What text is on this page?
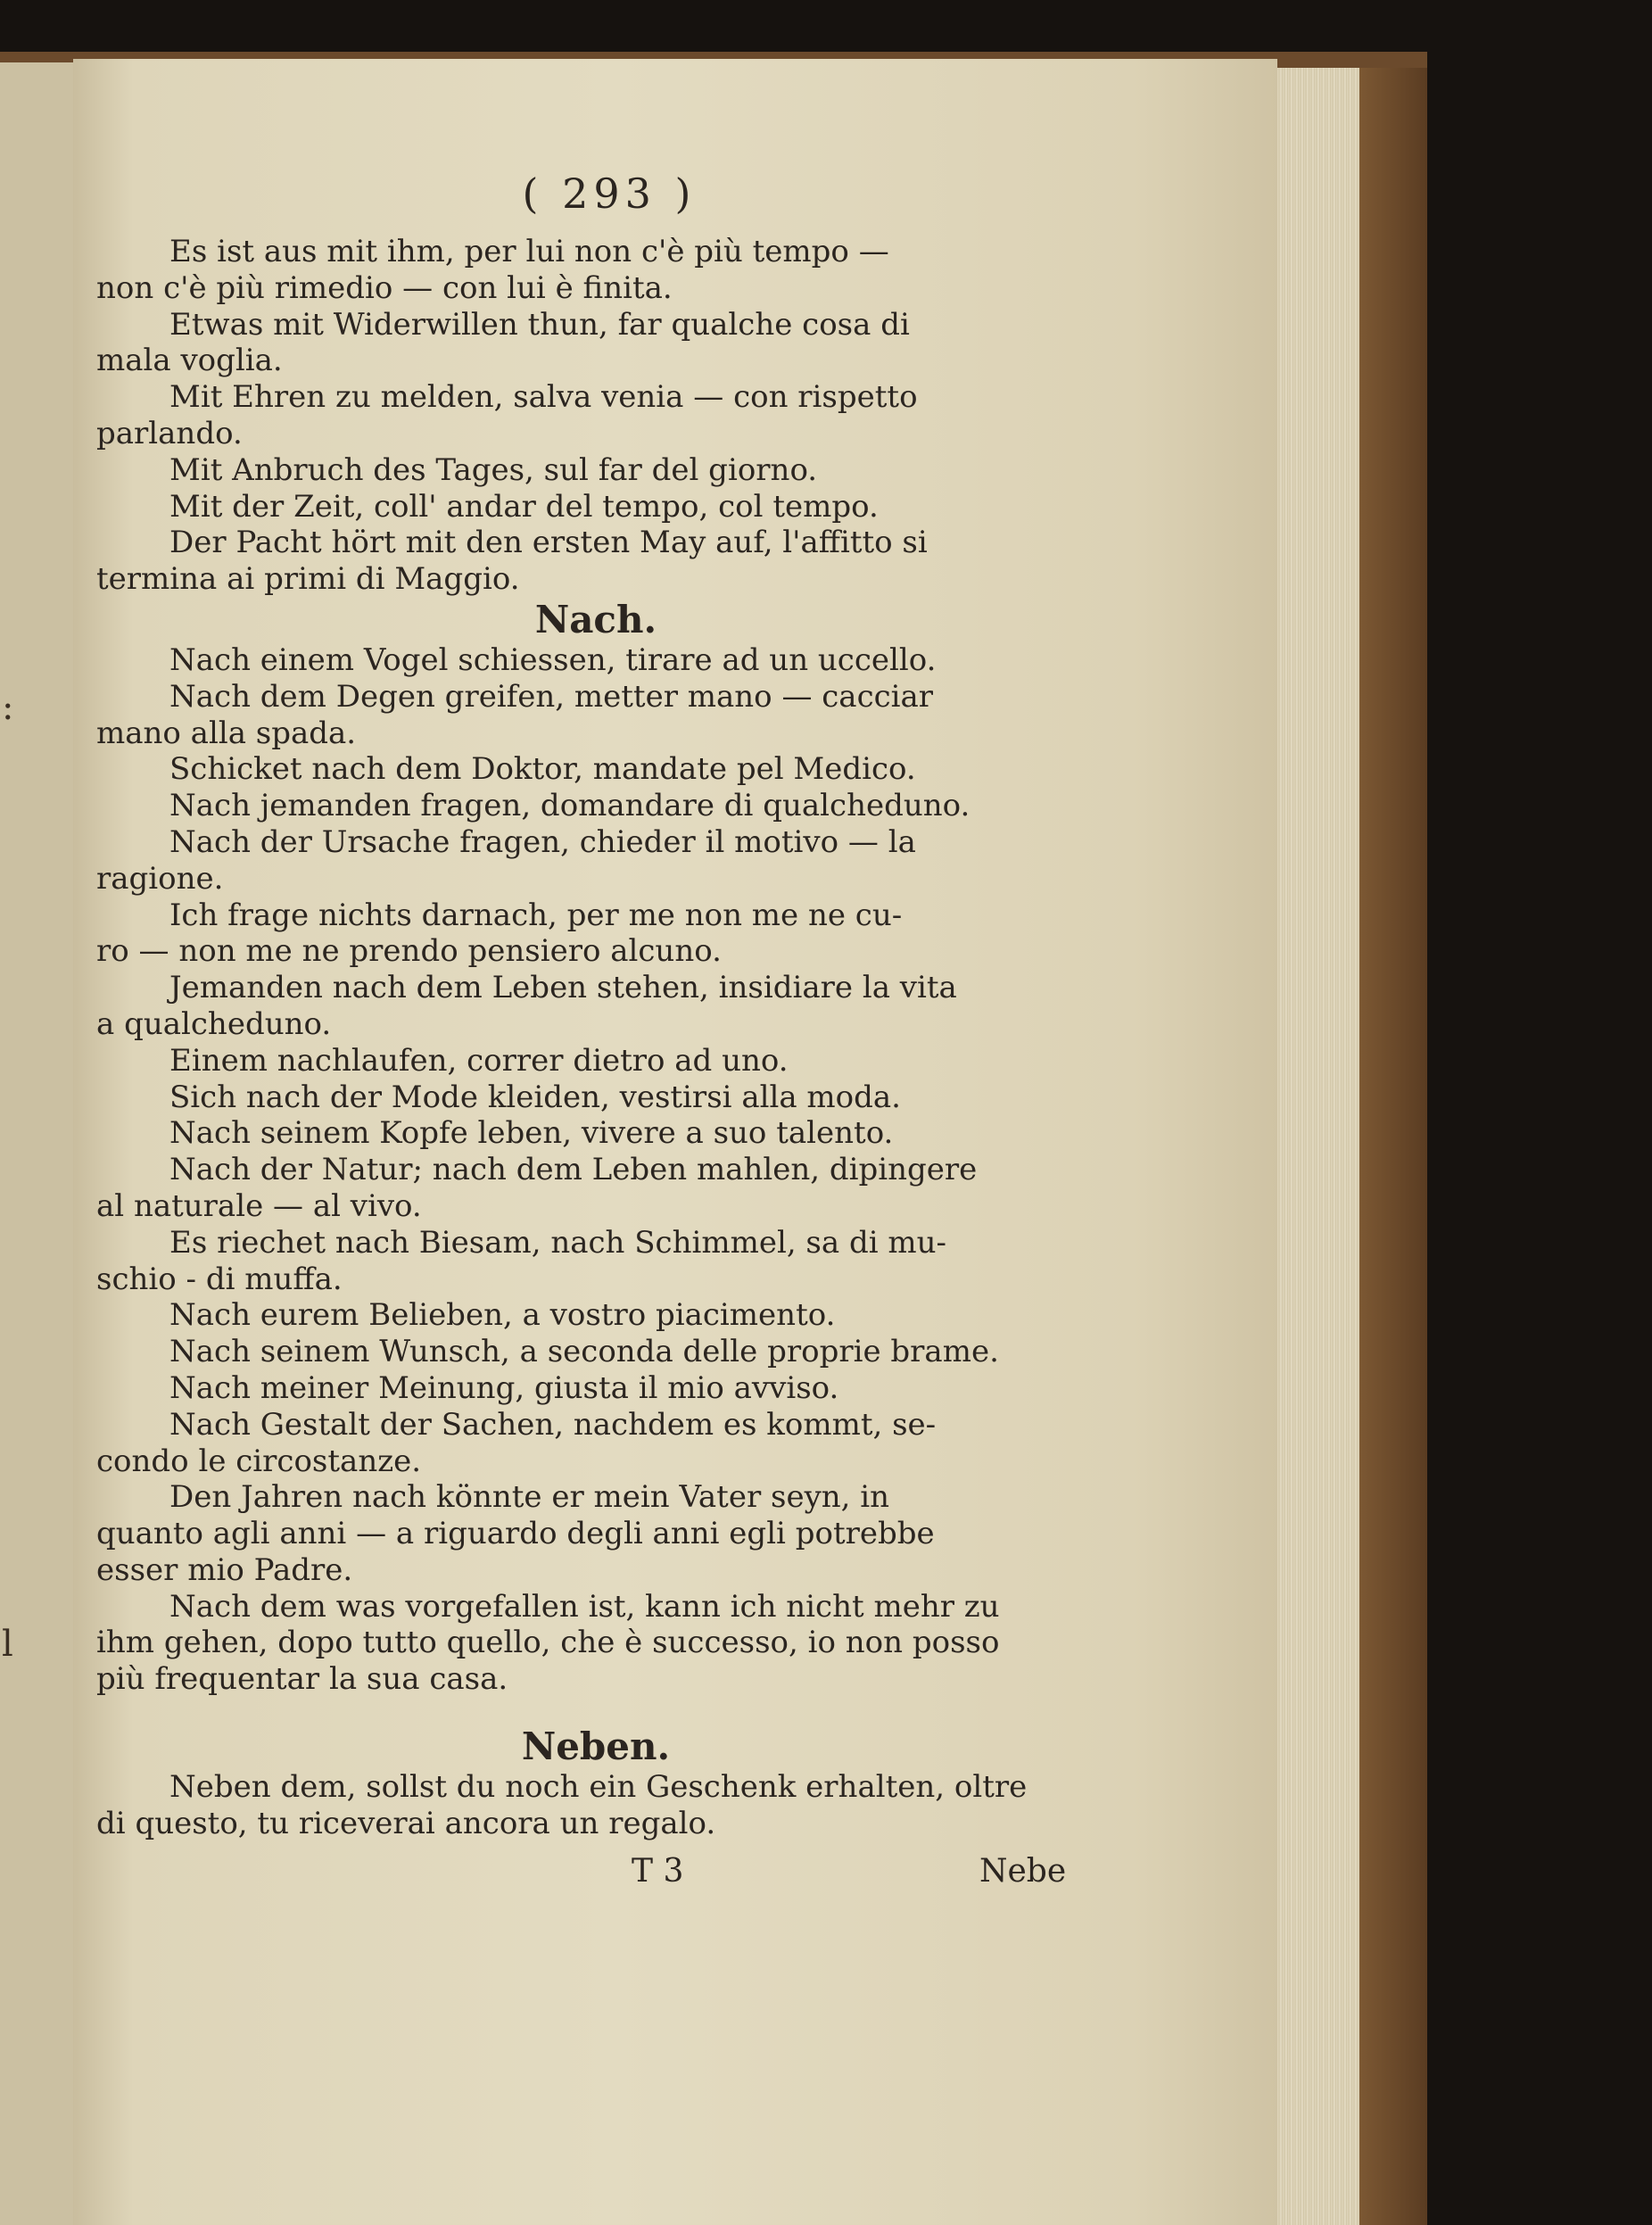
:
l
( 293 )
Es ist aus mit ihm, per lui non c'è più tempo —
non c'è più rimedio — con lui è finita.
Etwas mit Widerwillen thun, far qualche cosa di
mala voglia.
Mit Ehren zu melden, salva venia — con rispetto
parlando.
Mit Anbruch des Tages, sul far del giorno.
Mit der Zeit, coll' andar del tempo, col tempo.
Der Pacht hört mit den ersten May auf, l'affitto si
termina ai primi di Maggio.
Nach.
Nach einem Vogel schiessen, tirare ad un uccello.
Nach dem Degen greifen, metter mano — cacciar
mano alla spada.
Schicket nach dem Doktor, mandate pel Medico.
Nach jemanden fragen, domandare di qualcheduno.
Nach der Ursache fragen, chieder il motivo — la
ragione.
Ich frage nichts darnach, per me non me ne cu-
ro — non me ne prendo pensiero alcuno.
Jemanden nach dem Leben stehen, insidiare la vita
a qualcheduno.
Einem nachlaufen, correr dietro ad uno.
Sich nach der Mode kleiden, vestirsi alla moda.
Nach seinem Kopfe leben, vivere a suo talento.
Nach der Natur; nach dem Leben mahlen, dipingere
al naturale — al vivo.
Es riechet nach Biesam, nach Schimmel, sa di mu-
schio - di muffa.
Nach eurem Belieben, a vostro piacimento.
Nach seinem Wunsch, a seconda delle proprie brame.
Nach meiner Meinung, giusta il mio avviso.
Nach Gestalt der Sachen, nachdem es kommt, se-
condo le circostanze.
Den Jahren nach könnte er mein Vater seyn, in
quanto agli anni — a riguardo degli anni egli potrebbe
esser mio Padre.
Nach dem was vorgefallen ist, kann ich nicht mehr zu
ihm gehen, dopo tutto quello, che è successo, io non posso
più frequentar la sua casa.
Neben.
Neben dem, sollst du noch ein Geschenk erhalten, oltre
di questo, tu riceverai ancora un regalo.
T 3	Nebe
